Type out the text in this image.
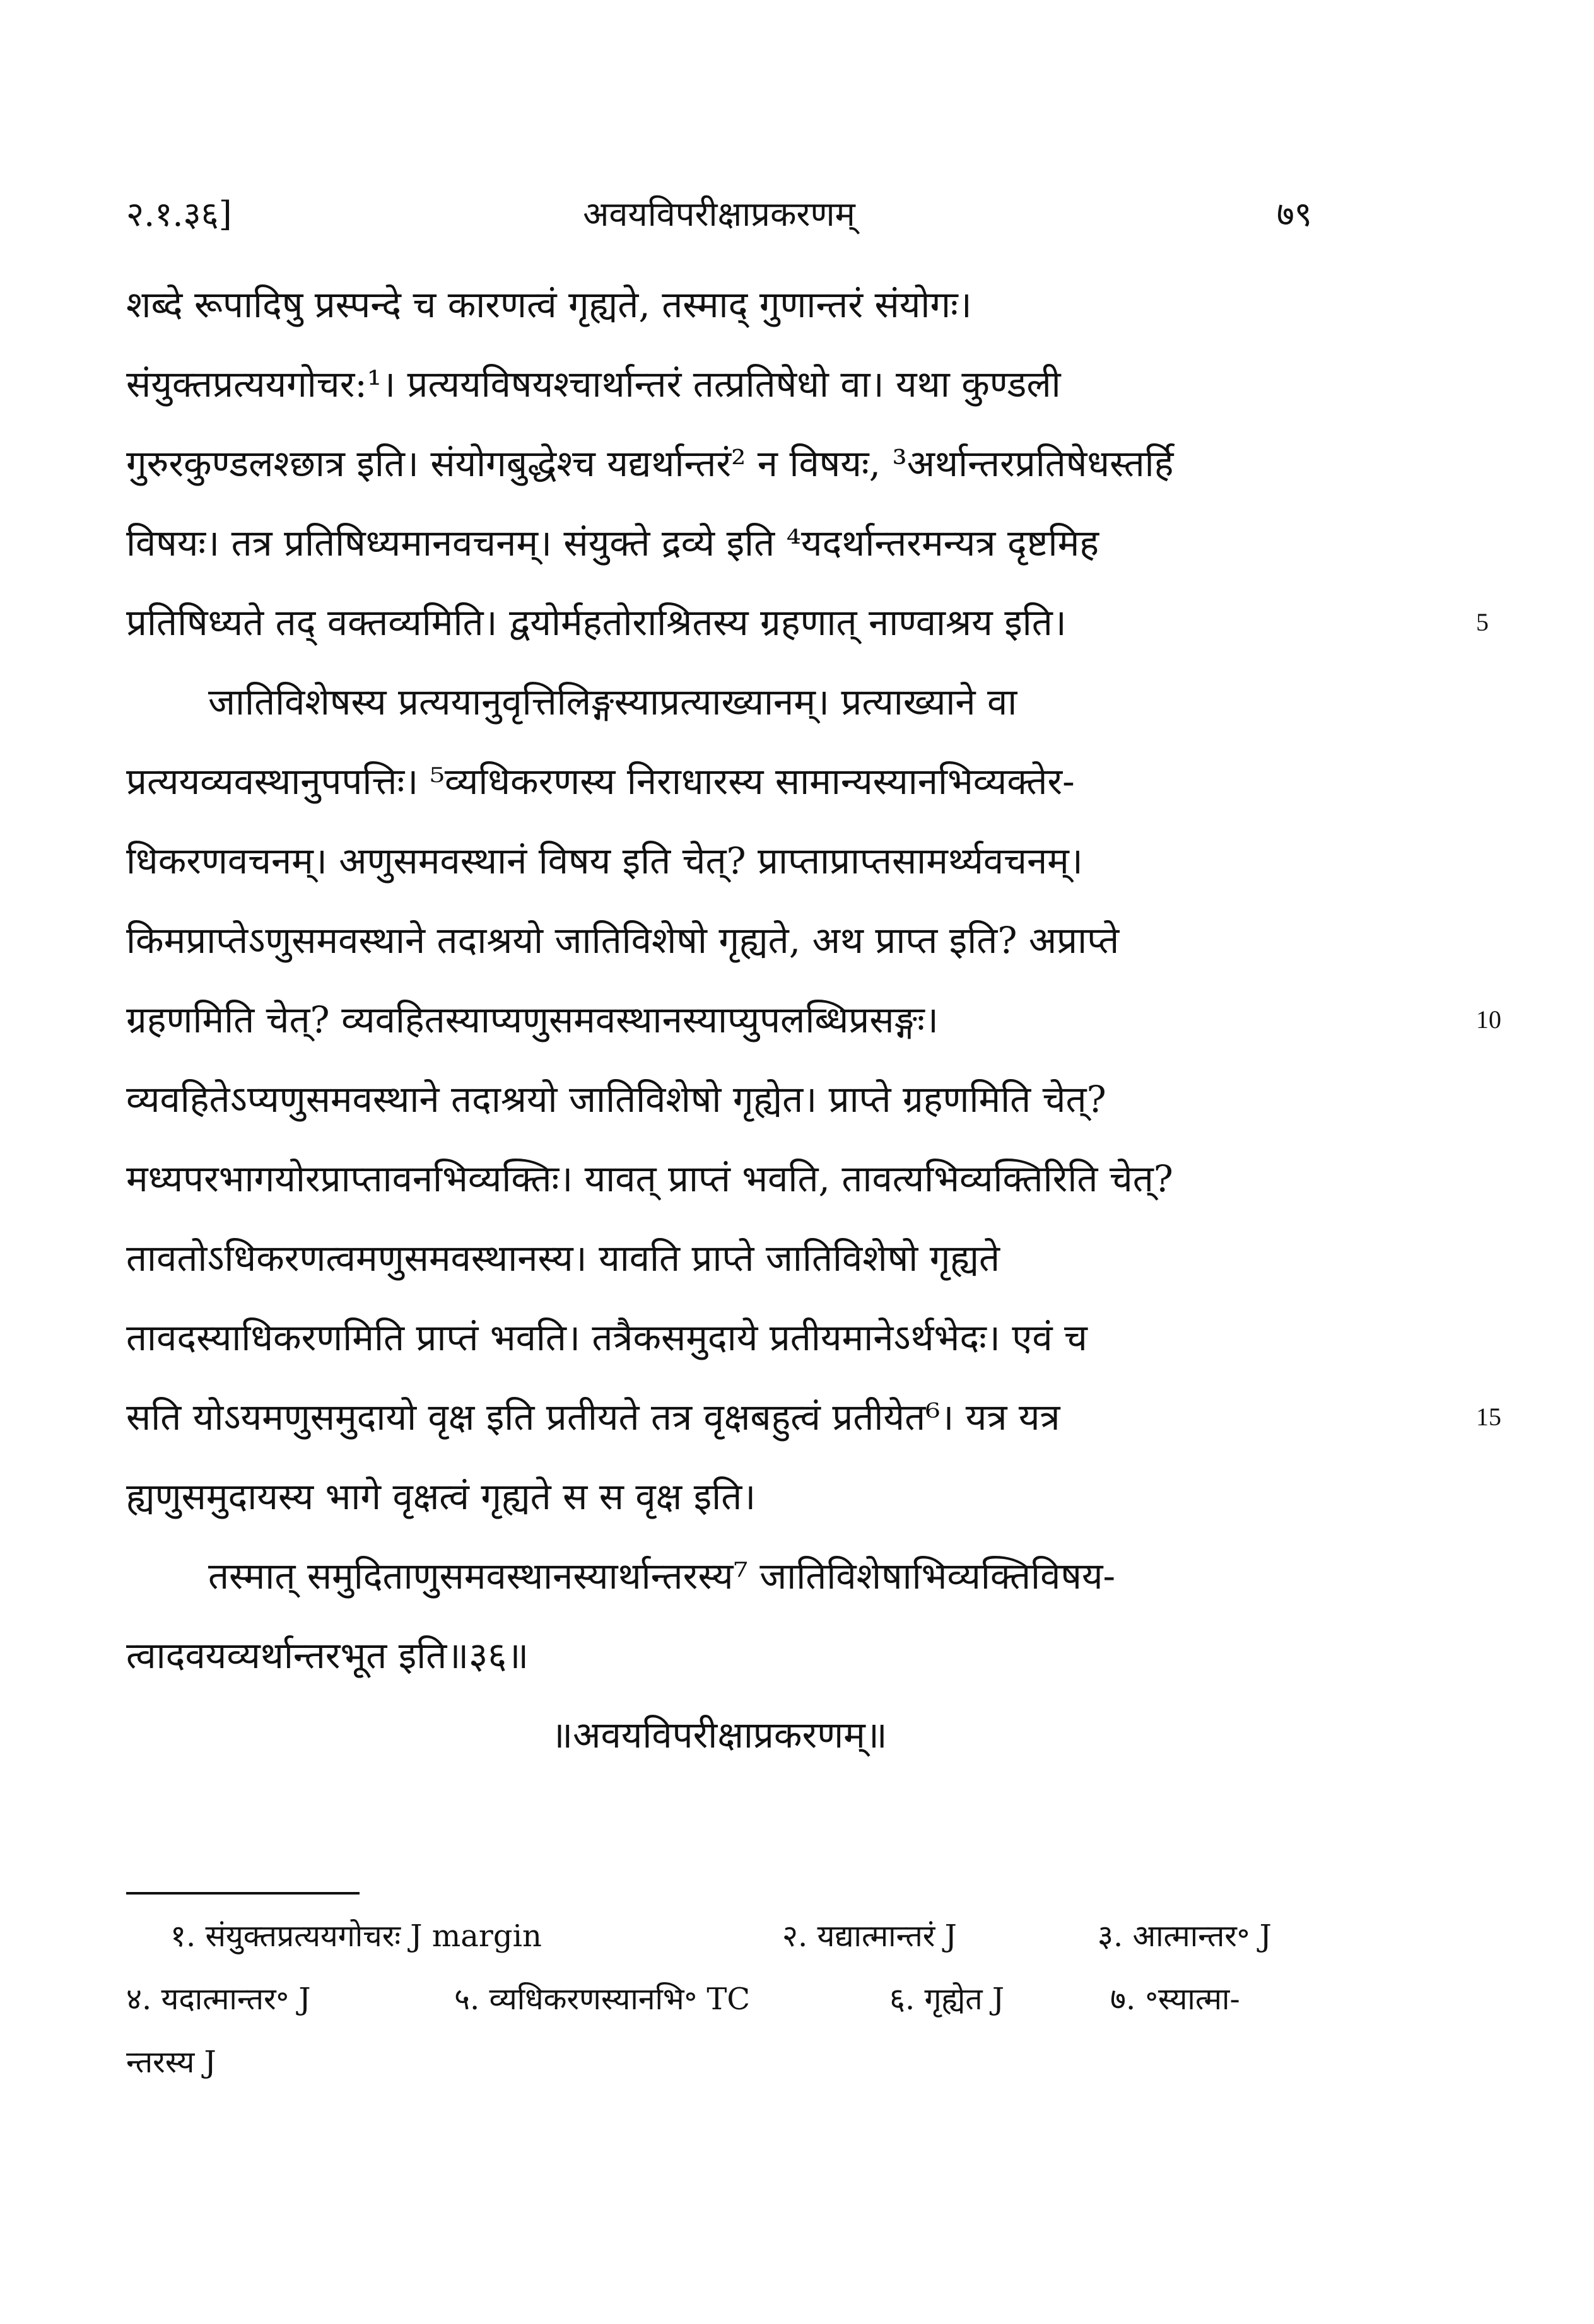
२.१.३६]	अवयविपरीक्षाप्रकरणम्	७९
शब्दे रूपादिषु प्रस्पन्दे च कारणत्वं गृह्यते, तस्माद् गुणान्तरं संयोगः।
संयुक्तप्रत्ययगोचर:¹। प्रत्ययविषयश्चार्थान्तरं तत्प्रतिषेधो वा। यथा कुण्डली
गुरुरकुण्डलश्छात्र इति। संयोगबुद्धेश्च यद्यर्थान्तरं² न विषयः, ³अर्थान्तरप्रतिषेधस्तर्हि
विषयः। तत्र प्रतिषिध्यमानवचनम्। संयुक्ते द्रव्ये इति ⁴यदर्थान्तरमन्यत्र दृष्टमिह
प्रतिषिध्यते तद् वक्तव्यमिति। द्वयोर्महतोराश्रितस्य ग्रहणात् नाण्वाश्रय इति।	5
जातिविशेषस्य प्रत्ययानुवृत्तिलिङ्गस्याप्रत्याख्यानम्। प्रत्याख्याने वा
प्रत्ययव्यवस्थानुपपत्तिः। ⁵व्यधिकरणस्य निराधारस्य सामान्यस्यानभिव्यक्तेर-
धिकरणवचनम्। अणुसमवस्थानं विषय इति चेत्? प्राप्ताप्राप्तसामर्थ्यवचनम्।
किमप्राप्तेऽणुसमवस्थाने तदाश्रयो जातिविशेषो गृह्यते, अथ प्राप्त इति? अप्राप्ते
ग्रहणमिति चेत्? व्यवहितस्याप्यणुसमवस्थानस्याप्युपलब्धिप्रसङ्गः।	10
व्यवहितेऽप्यणुसमवस्थाने तदाश्रयो जातिविशेषो गृह्येत। प्राप्ते ग्रहणमिति चेत्?
मध्यपरभागयोरप्राप्तावनभिव्यक्तिः। यावत् प्राप्तं भवति, तावत्यभिव्यक्तिरिति चेत्?
तावतोऽधिकरणत्वमणुसमवस्थानस्य। यावति प्राप्ते जातिविशेषो गृह्यते
तावदस्याधिकरणमिति प्राप्तं भवति। तत्रैकसमुदाये प्रतीयमानेऽर्थभेदः। एवं च
सति योऽयमणुसमुदायो वृक्ष इति प्रतीयते तत्र वृक्षबहुत्वं प्रतीयेत⁶। यत्र यत्र	15
ह्यणुसमुदायस्य भागे वृक्षत्वं गृह्यते स स वृक्ष इति।
तस्मात् समुदिताणुसमवस्थानस्यार्थान्तरस्य⁷ जातिविशेषाभिव्यक्तिविषय-
त्वादवयव्यर्थान्तरभूत इति॥३६॥
॥अवयविपरीक्षाप्रकरणम्॥
१. संयुक्तप्रत्ययगोचरः J margin	२. यद्यात्मान्तरं J	३. आत्मान्तर॰ J
४. यदात्मान्तर॰ J	५. व्यधिकरणस्यानभि॰ TC	६. गृह्येत J	७. ॰स्यात्मा-
न्तरस्य J
